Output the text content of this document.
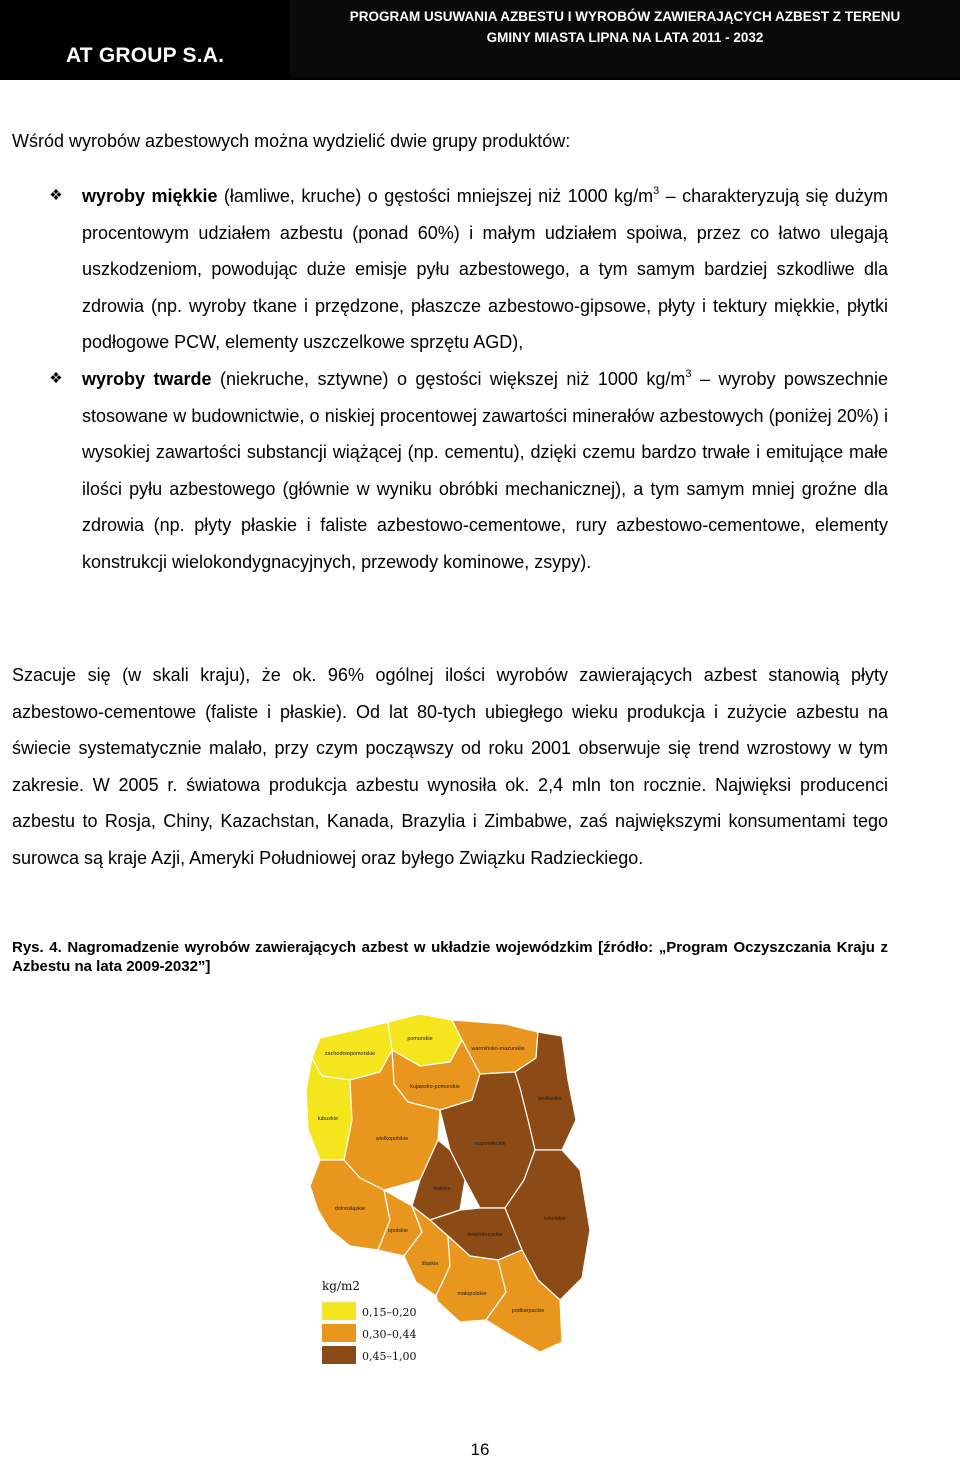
AT GROUP S.A.
PROGRAM USUWANIA AZBESTU I WYROBÓW ZAWIERAJĄCYCH AZBEST Z TERENU
GMINY MIASTA LIPNA NA LATA 2011 - 2032
Wśród wyrobów azbestowych można wydzielić dwie grupy produktów:
❖ wyroby miękkie (łamliwe, kruche) o gęstości mniejszej niż 1000 $kg/m^3$ – charakteryzują się dużym procentowym udziałem azbestu (ponad 60%) i małym udziałem spoiwa, przez co łatwo ulegają uszkodzeniom, powodując duże emisje pyłu azbestowego, a tym samym bardziej szkodliwe dla zdrowia (np. wyroby tkane i przędzone, płaszcze azbestowo-gipsowe, płyty i tektury miękkie, płytki podłogowe PCW, elementy uszczelkowe sprzętu AGD),
❖ wyroby twarde (niekruche, sztywne) o gęstości większej niż 1000 $kg/m^3$ – wyroby powszechnie stosowane w budownictwie, o niskiej procentowej zawartości minerałów azbestowych (poniżej 20%) i wysokiej zawartości substancji wiążącej (np. cementu), dzięki czemu bardzo trwałe i emitujące małe ilości pyłu azbestowego (głównie w wyniku obróbki mechanicznej), a tym samym mniej groźne dla zdrowia (np. płyty płaskie i faliste azbestowo-cementowe, rury azbestowo-cementowe, elementy konstrukcji wielokondygnacyjnych, przewody kominowe, zsypy).
Szacuje się (w skali kraju), że ok. 96% ogólnej ilości wyrobów zawierających azbest stanowią płyty azbestowo-cementowe (faliste i płaskie). Od lat 80-tych ubiegłego wieku produkcja i zużycie azbestu na świecie systematycznie malało, przy czym począwszy od roku 2001 obserwuje się trend wzrostowy w tym zakresie. W 2005 r. światowa produkcja azbestu wynosiła ok. 2,4 mln ton rocznie. Najwięksi producenci azbestu to Rosja, Chiny, Kazachstan, Kanada, Brazylia i Zimbabwe, zaś największymi konsumentami tego surowca są kraje Azji, Ameryki Południowej oraz byłego Związku Radzieckiego.
Rys. 4. Nagromadzenie wyrobów zawierających azbest w układzie wojewódzkim [źródło: „Program Oczyszczania Kraju z Azbestu na lata 2009-2032”]
pomorskie
zachodniopomorskie
warmińsko-mazurskie
podlaskie
kujawsko-pomorskie
lubuskie
wielkopolskie
mazowieckie
łódzkie
lubelskie
dolnośląskie
opolskie
śląskie
świętokrzyskie
małopolskie
podkarpackie
kg/m2
0,15–0,20
0,30–0,44
0,45–1,00
16
